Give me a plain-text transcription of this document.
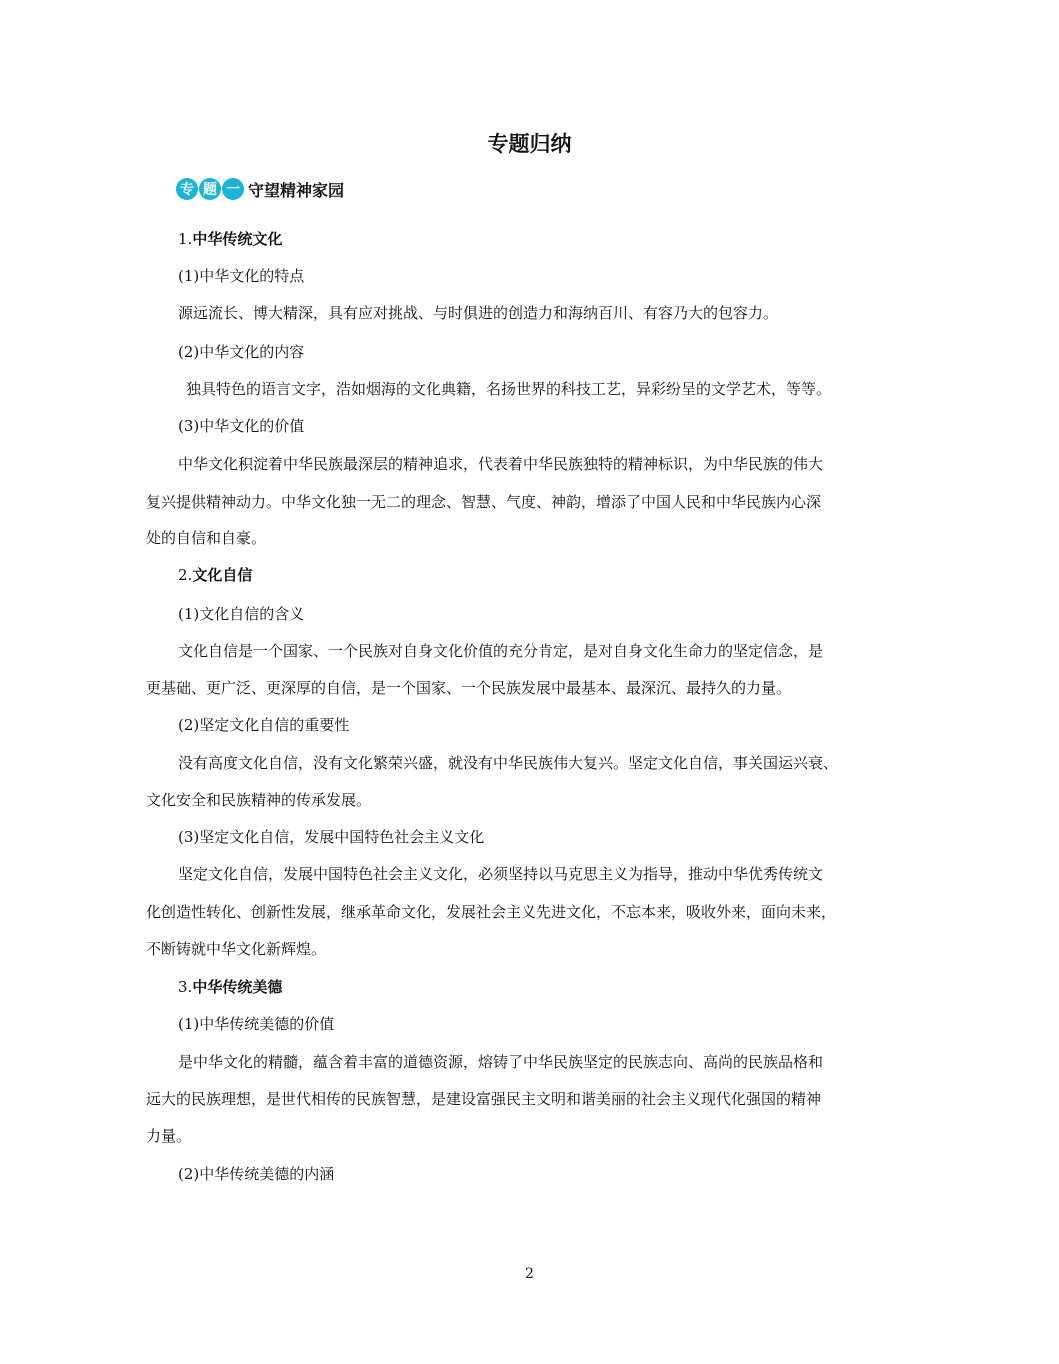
专题归纳
专 题 一 守望精神家园
1.中华传统文化
(1)中华文化的特点
源远流长、博大精深，具有应对挑战、与时俱进的创造力和海纳百川、有容乃大的包容力。
(2)中华文化的内容
独具特色的语言文字，浩如烟海的文化典籍，名扬世界的科技工艺，异彩纷呈的文学艺术，等等。
(3)中华文化的价值
中华文化积淀着中华民族最深层的精神追求，代表着中华民族独特的精神标识，为中华民族的伟大
复兴提供精神动力。中华文化独一无二的理念、智慧、气度、神韵，增添了中国人民和中华民族内心深
处的自信和自豪。
2.文化自信
(1)文化自信的含义
文化自信是一个国家、一个民族对自身文化价值的充分肯定，是对自身文化生命力的坚定信念，是
更基础、更广泛、更深厚的自信，是一个国家、一个民族发展中最基本、最深沉、最持久的力量。
(2)坚定文化自信的重要性
没有高度文化自信，没有文化繁荣兴盛，就没有中华民族伟大复兴。坚定文化自信，事关国运兴衰、
文化安全和民族精神的传承发展。
(3)坚定文化自信，发展中国特色社会主义文化
坚定文化自信，发展中国特色社会主义文化，必须坚持以马克思主义为指导，推动中华优秀传统文
化创造性转化、创新性发展，继承革命文化，发展社会主义先进文化，不忘本来，吸收外来，面向未来，
不断铸就中华文化新辉煌。
3.中华传统美德
(1)中华传统美德的价值
是中华文化的精髓，蕴含着丰富的道德资源，熔铸了中华民族坚定的民族志向、高尚的民族品格和
远大的民族理想，是世代相传的民族智慧，是建设富强民主文明和谐美丽的社会主义现代化强国的精神
力量。
(2)中华传统美德的内涵
2
